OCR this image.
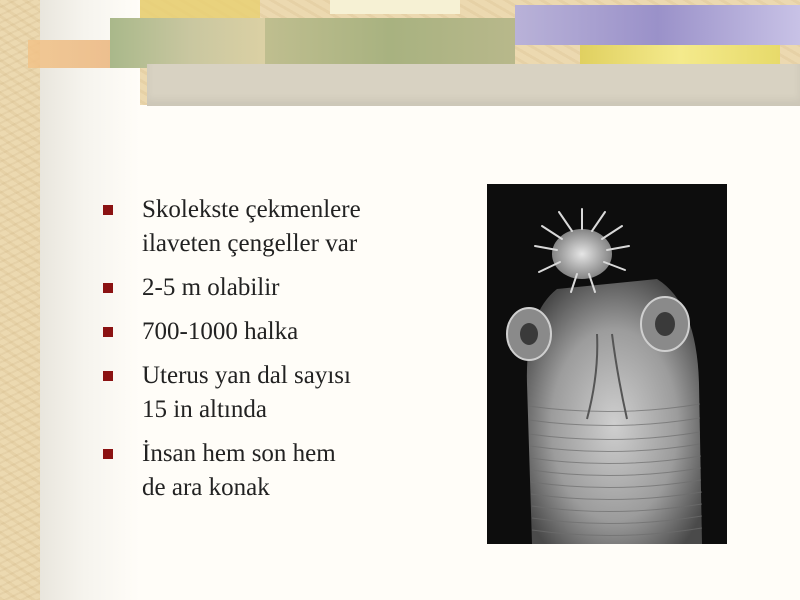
Skolekste çekmenlere
ilaveten çengeller var
2-5 m olabilir
700-1000 halka
Uterus yan dal sayısı
15 in altında
İnsan hem son hem
de ara konak
